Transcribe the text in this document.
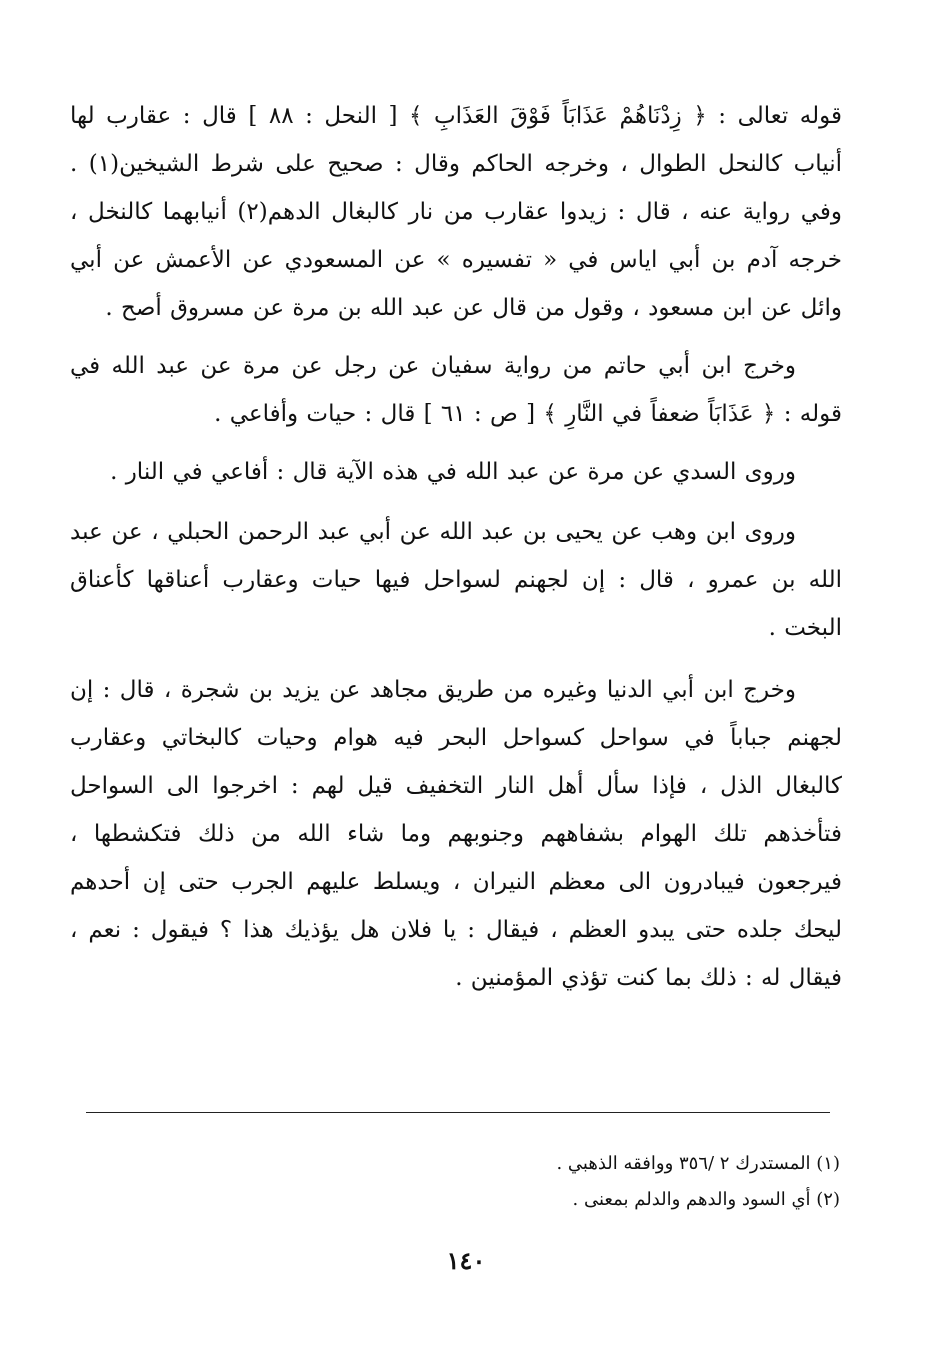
قوله تعالى : ﴿ زِدْنَاهُمْ عَذَابَاً فَوْقَ العَذَابِ ﴾ [ النحل : ٨٨ ] قال : عقارب لها أنياب كالنحل الطوال ، وخرجه الحاكم وقال : صحيح على شرط الشيخين(١) . وفي رواية عنه ، قال : زيدوا عقارب من نار كالبغال الدهم(٢) أنيابهما كالنخل ، خرجه آدم بن أبي اياس في « تفسيره » عن المسعودي عن الأعمش عن أبي وائل عن ابن مسعود ، وقول من قال عن عبد الله بن مرة عن مسروق أصح .

وخرج ابن أبي حاتم من رواية سفيان عن رجل عن مرة عن عبد الله في قوله : ﴿ عَذَابَاً ضعفاً في النَّارِ ﴾ [ ص : ٦١ ] قال : حيات وأفاعي .

وروى السدي عن مرة عن عبد الله في هذه الآية قال : أفاعي في النار .

وروى ابن وهب عن يحيى بن عبد الله عن أبي عبد الرحمن الحبلي ، عن عبد الله بن عمرو ، قال : إن لجهنم لسواحل فيها حيات وعقارب أعناقها كأعناق البخت .

وخرج ابن أبي الدنيا وغيره من طريق مجاهد عن يزيد بن شجرة ، قال : إن لجهنم جباباً في سواحل كسواحل البحر فيه هوام وحيات كالبخاتي وعقارب كالبغال الذل ، فإذا سأل أهل النار التخفيف قيل لهم : اخرجوا الى السواحل فتأخذهم تلك الهوام بشفاههم وجنوبهم وما شاء الله من ذلك فتكشطها ، فيرجعون فيبادرون الى معظم النيران ، ويسلط عليهم الجرب حتى إن أحدهم ليحك جلده حتى يبدو العظم ، فيقال : يا فلان هل يؤذيك هذا ؟ فيقول : نعم ، فيقال له : ذلك بما كنت تؤذي المؤمنين .

(١) المستدرك ٢ /٣٥٦ ووافقه الذهبي .

(٢) أي السود والدهم والدلم بمعنى .

١٤٠
